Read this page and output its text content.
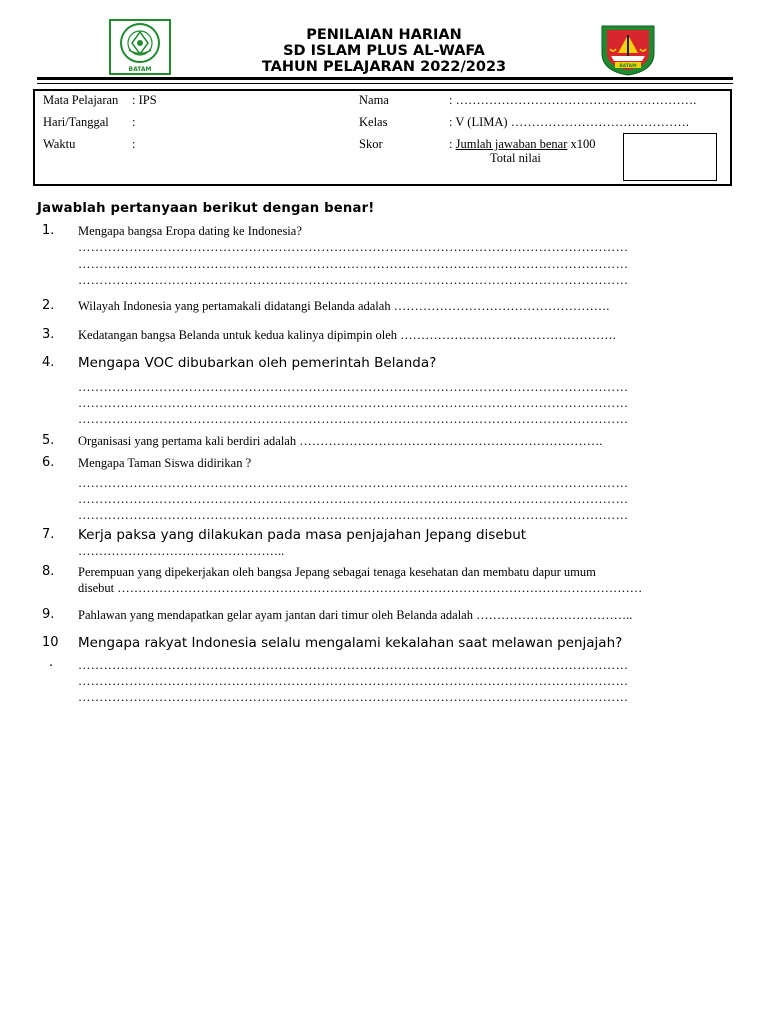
BATAM	BATAM
PENILAIAN HARIAN
SD ISLAM PLUS AL-WAFA
TAHUN PELAJARAN 2022/2023
Mata Pelajaran : IPS
Hari/Tanggal :
Waktu	:
Nama	: ………………………………………………….
Kelas	: V (LIMA) …………………………………….
Skor	: Jumlah jawaban benar x100
Total nilai
Jawablah pertanyaan berikut dengan benar!
1. Mengapa bangsa Eropa dating ke Indonesia?
…………………………………………………………………………………………………………………
…………………………………………………………………………………………………………………
…………………………………………………………………………………………………………………
2. Wilayah Indonesia yang pertamakali didatangi Belanda adalah …………………………………………….
3. Kedatangan bangsa Belanda untuk kedua kalinya dipimpin oleh …………………………………………….
4. Mengapa VOC dibubarkan oleh pemerintah Belanda?
…………………………………………………………………………………………………………………
…………………………………………………………………………………………………………………
…………………………………………………………………………………………………………………
5. Organisasi yang pertama kali berdiri adalah ……………………………………………………………….
6. Mengapa Taman Siswa didirikan ?
…………………………………………………………………………………………………………………
…………………………………………………………………………………………………………………
…………………………………………………………………………………………………………………
7. Kerja paksa yang dilakukan pada masa penjajahan Jepang disebut
…………………………………………..
8. Perempuan yang dipekerjakan oleh bangsa Jepang sebagai tenaga kesehatan dan membatu dapur umum
disebut ………………………………………………………………………………………………………………
9. Pahlawan yang mendapatkan gelar ayam jantan dari timur oleh Belanda adalah ………………………………..
10
.
Mengapa rakyat Indonesia selalu mengalami kekalahan saat melawan penjajah?
…………………………………………………………………………………………………………………
…………………………………………………………………………………………………………………
…………………………………………………………………………………………………………………
